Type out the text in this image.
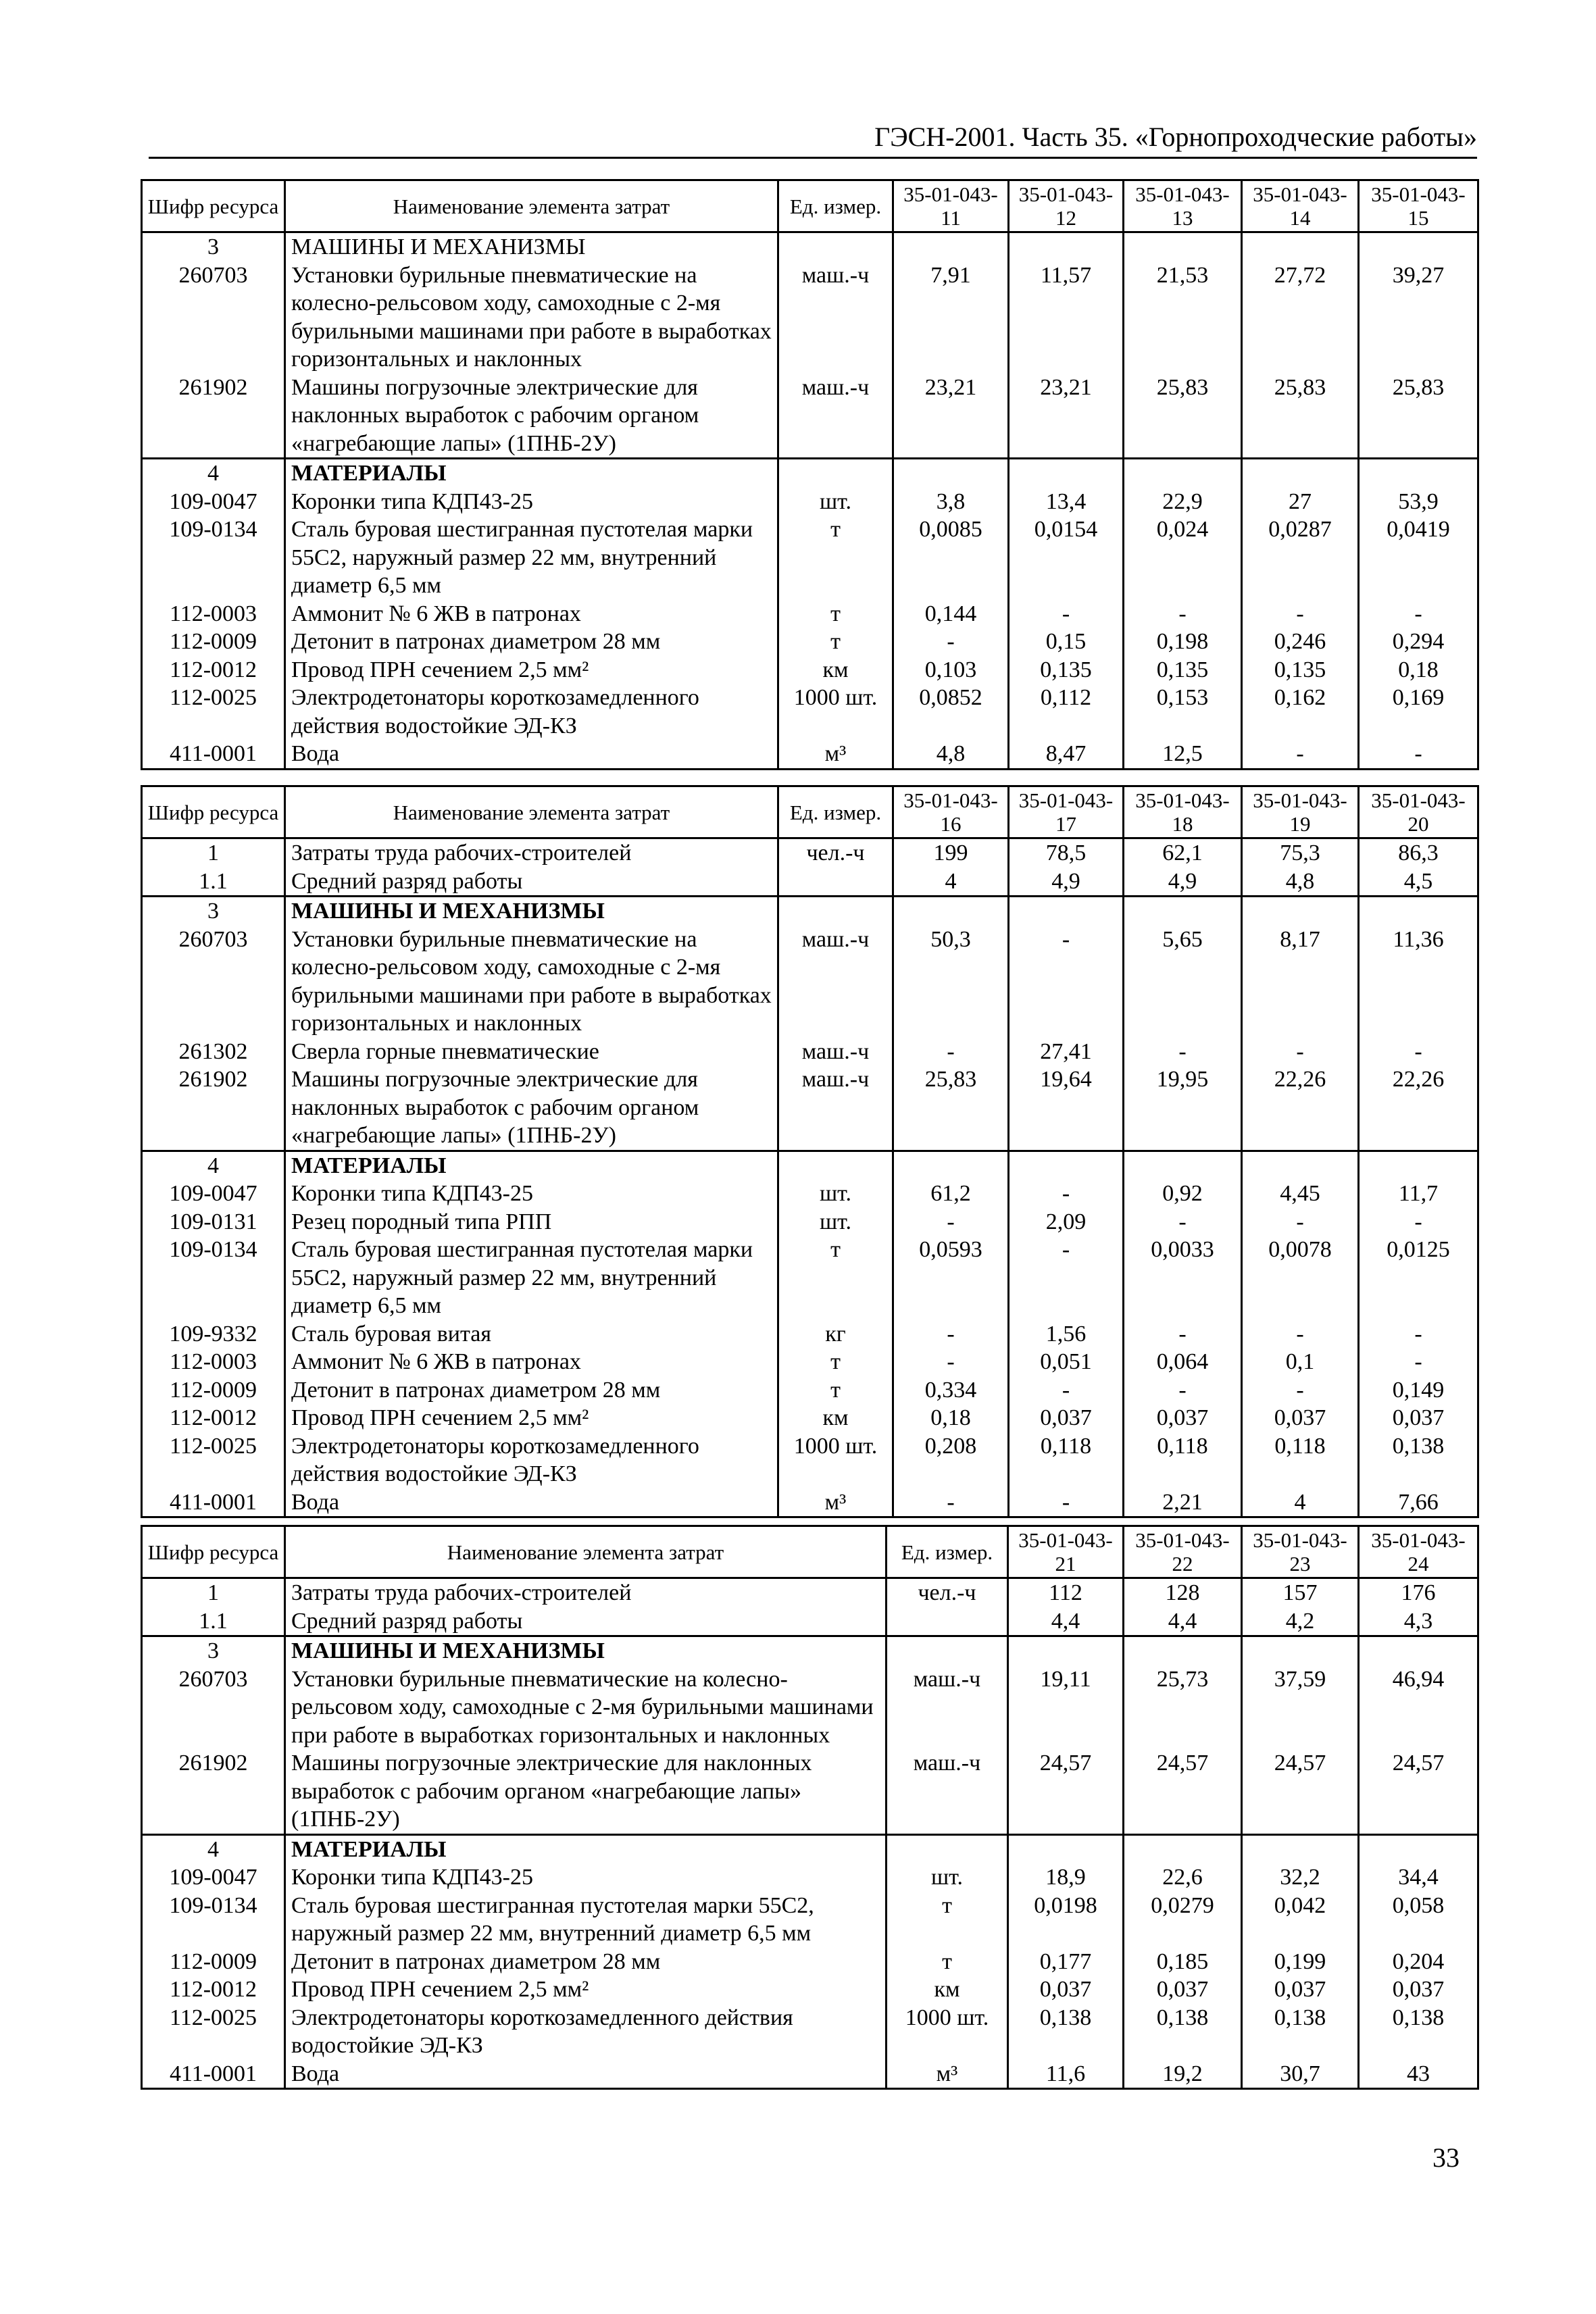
ГЭСН-2001. Часть 35. «Горнопроходческие работы»
Шифр ресурса	Наименование элемента затрат	Ед. измер.	35-01-043-11	35-01-043-12	35-01-043-13	35-01-043-14	35-01-043-15
3	МАШИНЫ И МЕХАНИЗМЫ						
260703	Установки бурильные пневматические на колесно-рельсовом ходу, самоходные с 2-мя бурильными машинами при работе в выработках горизонтальных и наклонных	маш.-ч	7,91	11,57	21,53	27,72	39,27
261902	Машины погрузочные электрические для наклонных выработок с рабочим органом «нагребающие лапы» (1ПНБ-2У)	маш.-ч	23,21	23,21	25,83	25,83	25,83
4	МАТЕРИАЛЫ						
109-0047	Коронки типа КДП43-25	шт.	3,8	13,4	22,9	27	53,9
109-0134	Сталь буровая шестигранная пустотелая марки 55С2, наружный размер 22 мм, внутренний диаметр 6,5 мм	т	0,0085	0,0154	0,024	0,0287	0,0419
112-0003	Аммонит № 6 ЖВ в патронах	т	0,144	-	-	-	-
112-0009	Детонит в патронах диаметром 28 мм	т	-	0,15	0,198	0,246	0,294
112-0012	Провод ПРН сечением 2,5 мм²	км	0,103	0,135	0,135	0,135	0,18
112-0025	Электродетонаторы короткозамедленного действия водостойкие ЭД-КЗ	1000 шт.	0,0852	0,112	0,153	0,162	0,169
411-0001	Вода	м³	4,8	8,47	12,5	-	-
Шифр ресурса	Наименование элемента затрат	Ед. измер.	35-01-043-16	35-01-043-17	35-01-043-18	35-01-043-19	35-01-043-20
1	Затраты труда рабочих-строителей	чел.-ч	199	78,5	62,1	75,3	86,3
1.1	Средний разряд работы		4	4,9	4,9	4,8	4,5
3	МАШИНЫ И МЕХАНИЗМЫ						
260703	Установки бурильные пневматические на колесно-рельсовом ходу, самоходные с 2-мя бурильными машинами при работе в выработках горизонтальных и наклонных	маш.-ч	50,3	-	5,65	8,17	11,36
261302	Сверла горные пневматические	маш.-ч	-	27,41	-	-	-
261902	Машины погрузочные электрические для наклонных выработок с рабочим органом «нагребающие лапы» (1ПНБ-2У)	маш.-ч	25,83	19,64	19,95	22,26	22,26
4	МАТЕРИАЛЫ						
109-0047	Коронки типа КДП43-25	шт.	61,2	-	0,92	4,45	11,7
109-0131	Резец породный типа РПП	шт.	-	2,09	-	-	-
109-0134	Сталь буровая шестигранная пустотелая марки 55С2, наружный размер 22 мм, внутренний диаметр 6,5 мм	т	0,0593	-	0,0033	0,0078	0,0125
109-9332	Сталь буровая витая	кг	-	1,56	-	-	-
112-0003	Аммонит № 6 ЖВ в патронах	т	-	0,051	0,064	0,1	-
112-0009	Детонит в патронах диаметром 28 мм	т	0,334	-	-	-	0,149
112-0012	Провод ПРН сечением 2,5 мм²	км	0,18	0,037	0,037	0,037	0,037
112-0025	Электродетонаторы короткозамедленного действия водостойкие ЭД-КЗ	1000 шт.	0,208	0,118	0,118	0,118	0,138
411-0001	Вода	м³	-	-	2,21	4	7,66
Шифр ресурса	Наименование элемента затрат	Ед. измер.	35-01-043-21	35-01-043-22	35-01-043-23	35-01-043-24
1	Затраты труда рабочих-строителей	чел.-ч	112	128	157	176
1.1	Средний разряд работы		4,4	4,4	4,2	4,3
3	МАШИНЫ И МЕХАНИЗМЫ					
260703	Установки бурильные пневматические на колесно-рельсовом ходу, самоходные с 2-мя бурильными машинами при работе в выработках горизонтальных и наклонных	маш.-ч	19,11	25,73	37,59	46,94
261902	Машины погрузочные электрические для наклонных выработок с рабочим органом «нагребающие лапы» (1ПНБ-2У)	маш.-ч	24,57	24,57	24,57	24,57
4	МАТЕРИАЛЫ					
109-0047	Коронки типа КДП43-25	шт.	18,9	22,6	32,2	34,4
109-0134	Сталь буровая шестигранная пустотелая марки 55С2, наружный размер 22 мм, внутренний диаметр 6,5 мм	т	0,0198	0,0279	0,042	0,058
112-0009	Детонит в патронах диаметром 28 мм	т	0,177	0,185	0,199	0,204
112-0012	Провод ПРН сечением 2,5 мм²	км	0,037	0,037	0,037	0,037
112-0025	Электродетонаторы короткозамедленного действия водостойкие ЭД-КЗ	1000 шт.	0,138	0,138	0,138	0,138
411-0001	Вода	м³	11,6	19,2	30,7	43
33
